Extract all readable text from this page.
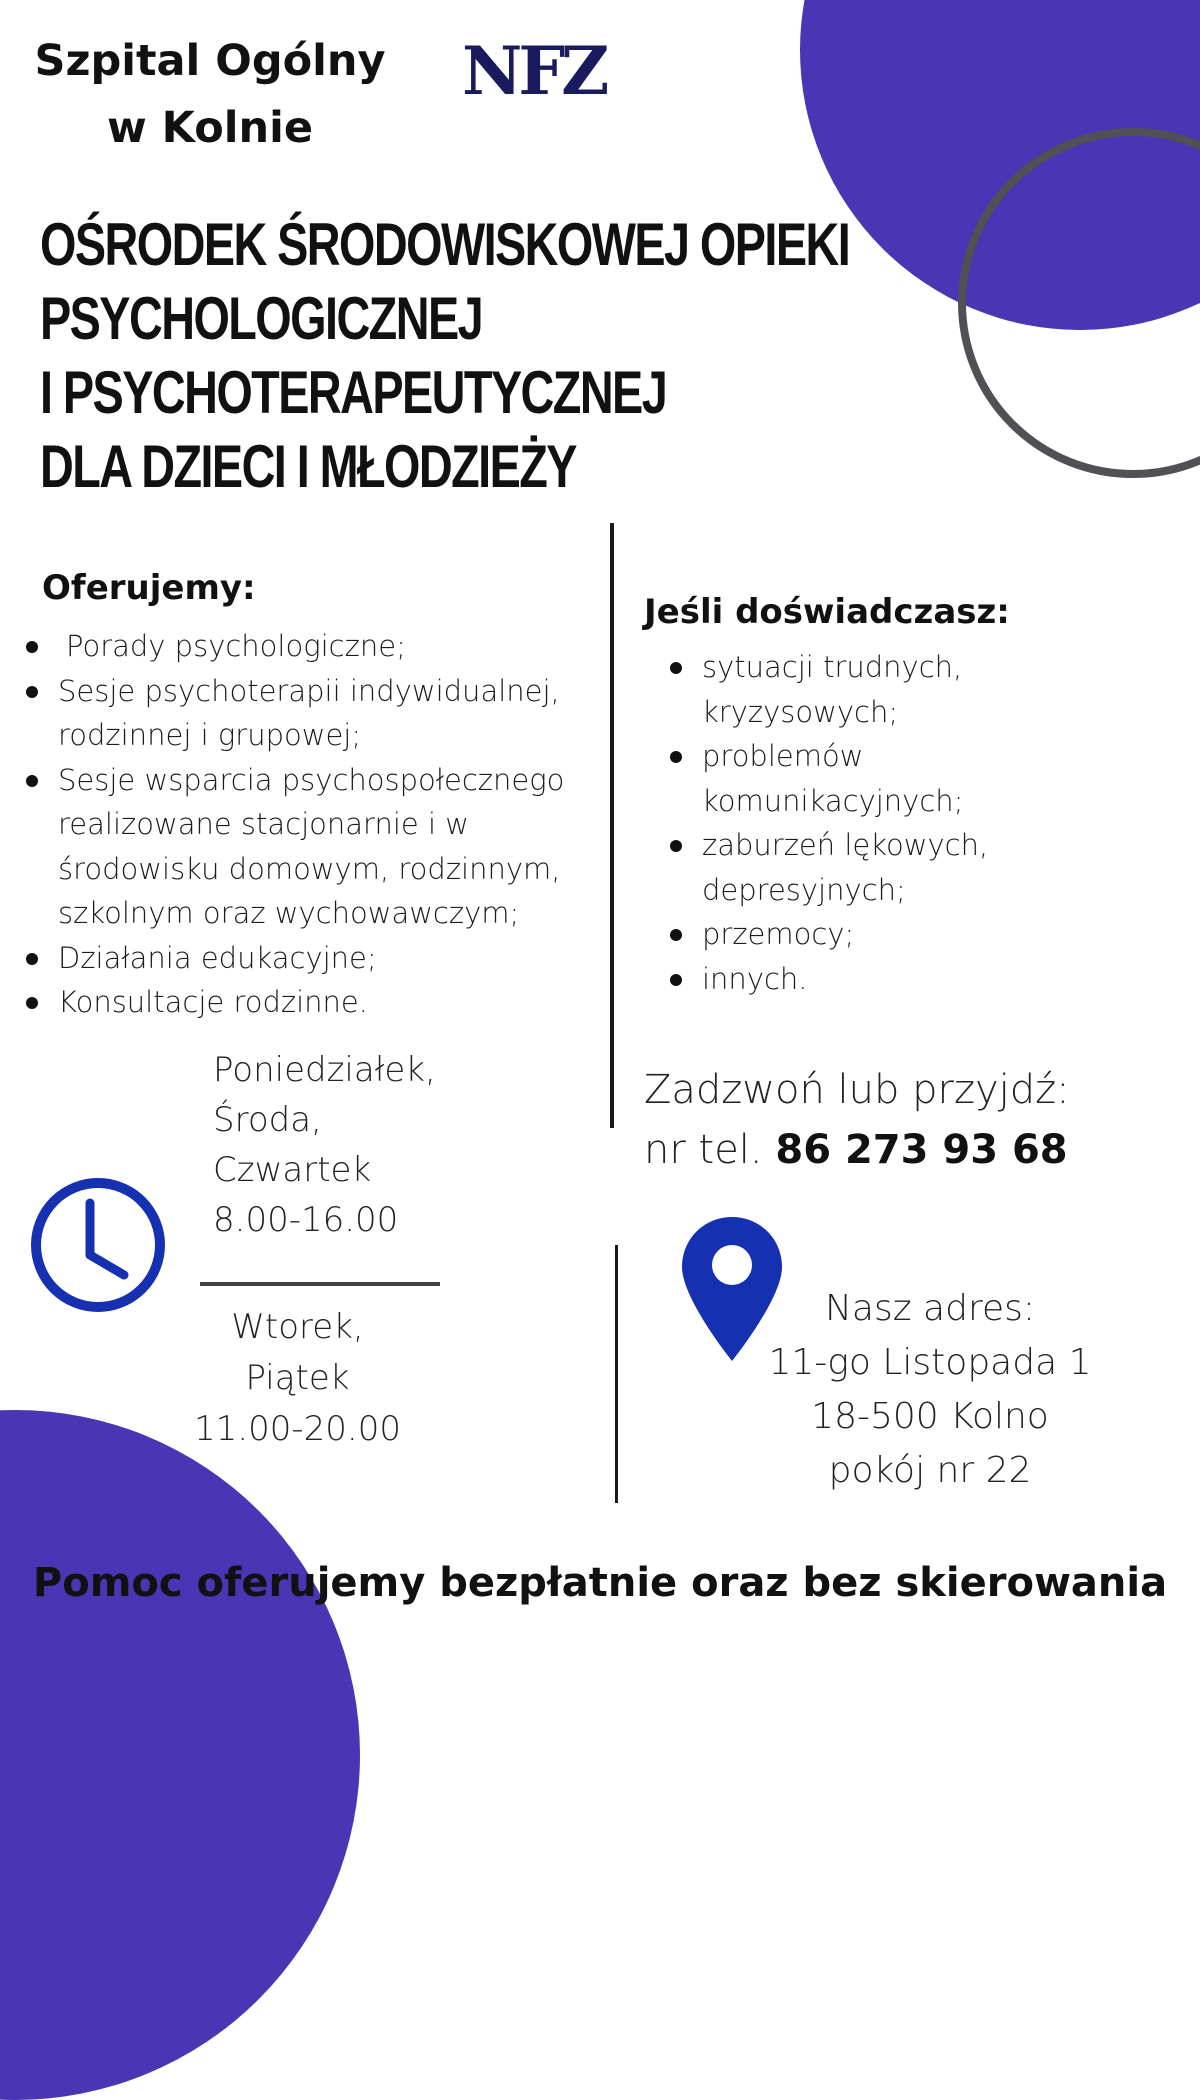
Szpital Ogólny
w Kolnie
NFZ
OŚRODEK ŚRODOWISKOWEJ OPIEKI
PSYCHOLOGICZNEJ
I PSYCHOTERAPEUTYCZNEJ
DLA DZIECI I MŁODZIEŻY
Oferujemy:
Porady psychologiczne;
Sesje psychoterapii indywidualnej, rodzinnej i grupowej;
Sesje wsparcia psychospołecznego realizowane stacjonarnie i w środowisku domowym, rodzinnym, szkolnym oraz wychowawczym;
Działania edukacyjne;
Konsultacje rodzinne.
Jeśli doświadczasz:
sytuacji trudnych, kryzysowych;
problemów komunikacyjnych;
zaburzeń lękowych, depresyjnych;
przemocy;
innych.
Poniedziałek,
Środa,
Czwartek
8.00-16.00
Wtorek,
Piątek
11.00-20.00
Zadzwoń lub przyjdź:
nr tel. 86 273 93 68
Nasz adres:
11-go Listopada 1
18-500 Kolno
pokój nr 22
Pomoc oferujemy bezpłatnie oraz bez skierowania
